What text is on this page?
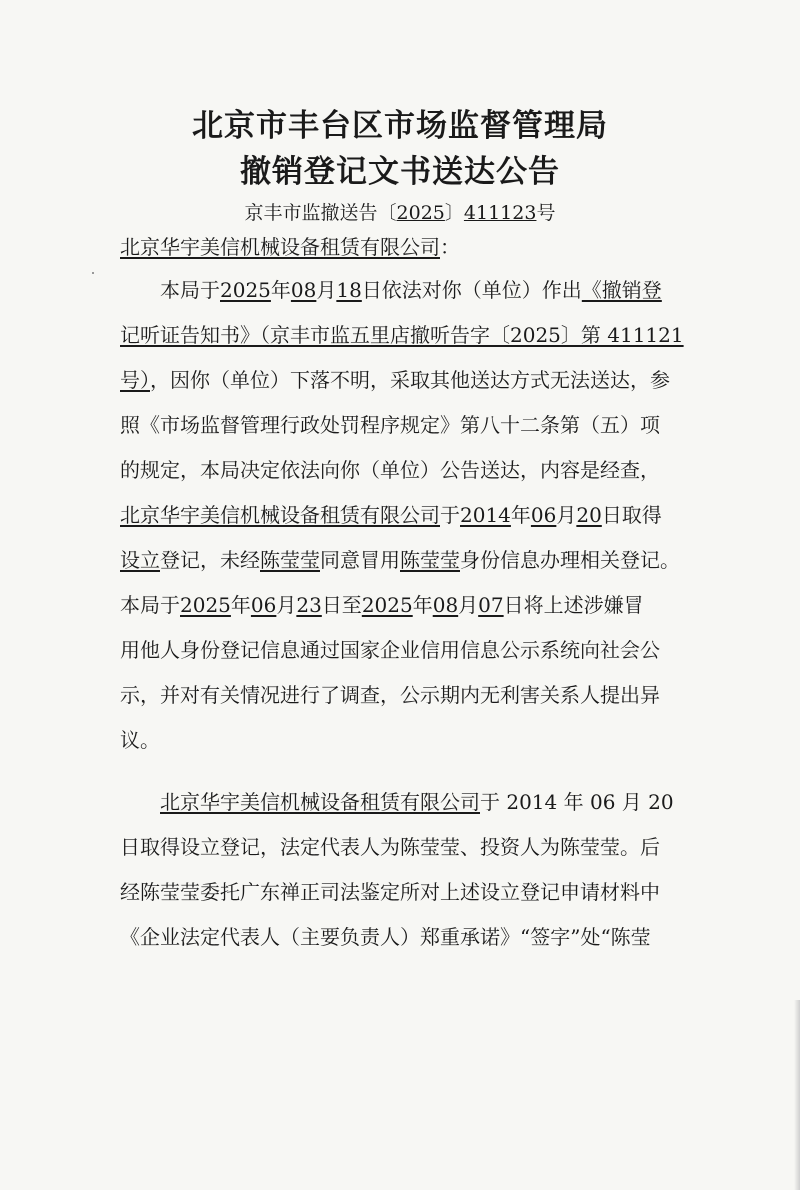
北京市丰台区市场监督管理局
撤销登记文书送达公告
京丰市监撤送告〔2025〕411123号
北京华宇美信机械设备租赁有限公司：
本局于2025年08月18日依法对你（单位）作出《撤销登
记听证告知书》（京丰市监五里店撤听告字〔2025〕第 411121
号），因你（单位）下落不明，采取其他送达方式无法送达，参
照《市场监督管理行政处罚程序规定》第八十二条第（五）项
的规定，本局决定依法向你（单位）公告送达，内容是经查，
北京华宇美信机械设备租赁有限公司于2014年06月20日取得
设立登记，未经陈莹莹同意冒用陈莹莹身份信息办理相关登记。
本局于2025年06月23日至2025年08月07日将上述涉嫌冒
用他人身份登记信息通过国家企业信用信息公示系统向社会公
示，并对有关情况进行了调查，公示期内无利害关系人提出异
议。
北京华宇美信机械设备租赁有限公司于 2014 年 06 月 20
日取得设立登记，法定代表人为陈莹莹、投资人为陈莹莹。后
经陈莹莹委托广东禅正司法鉴定所对上述设立登记申请材料中
《企业法定代表人（主要负责人）郑重承诺》“签字”处“陈莹
